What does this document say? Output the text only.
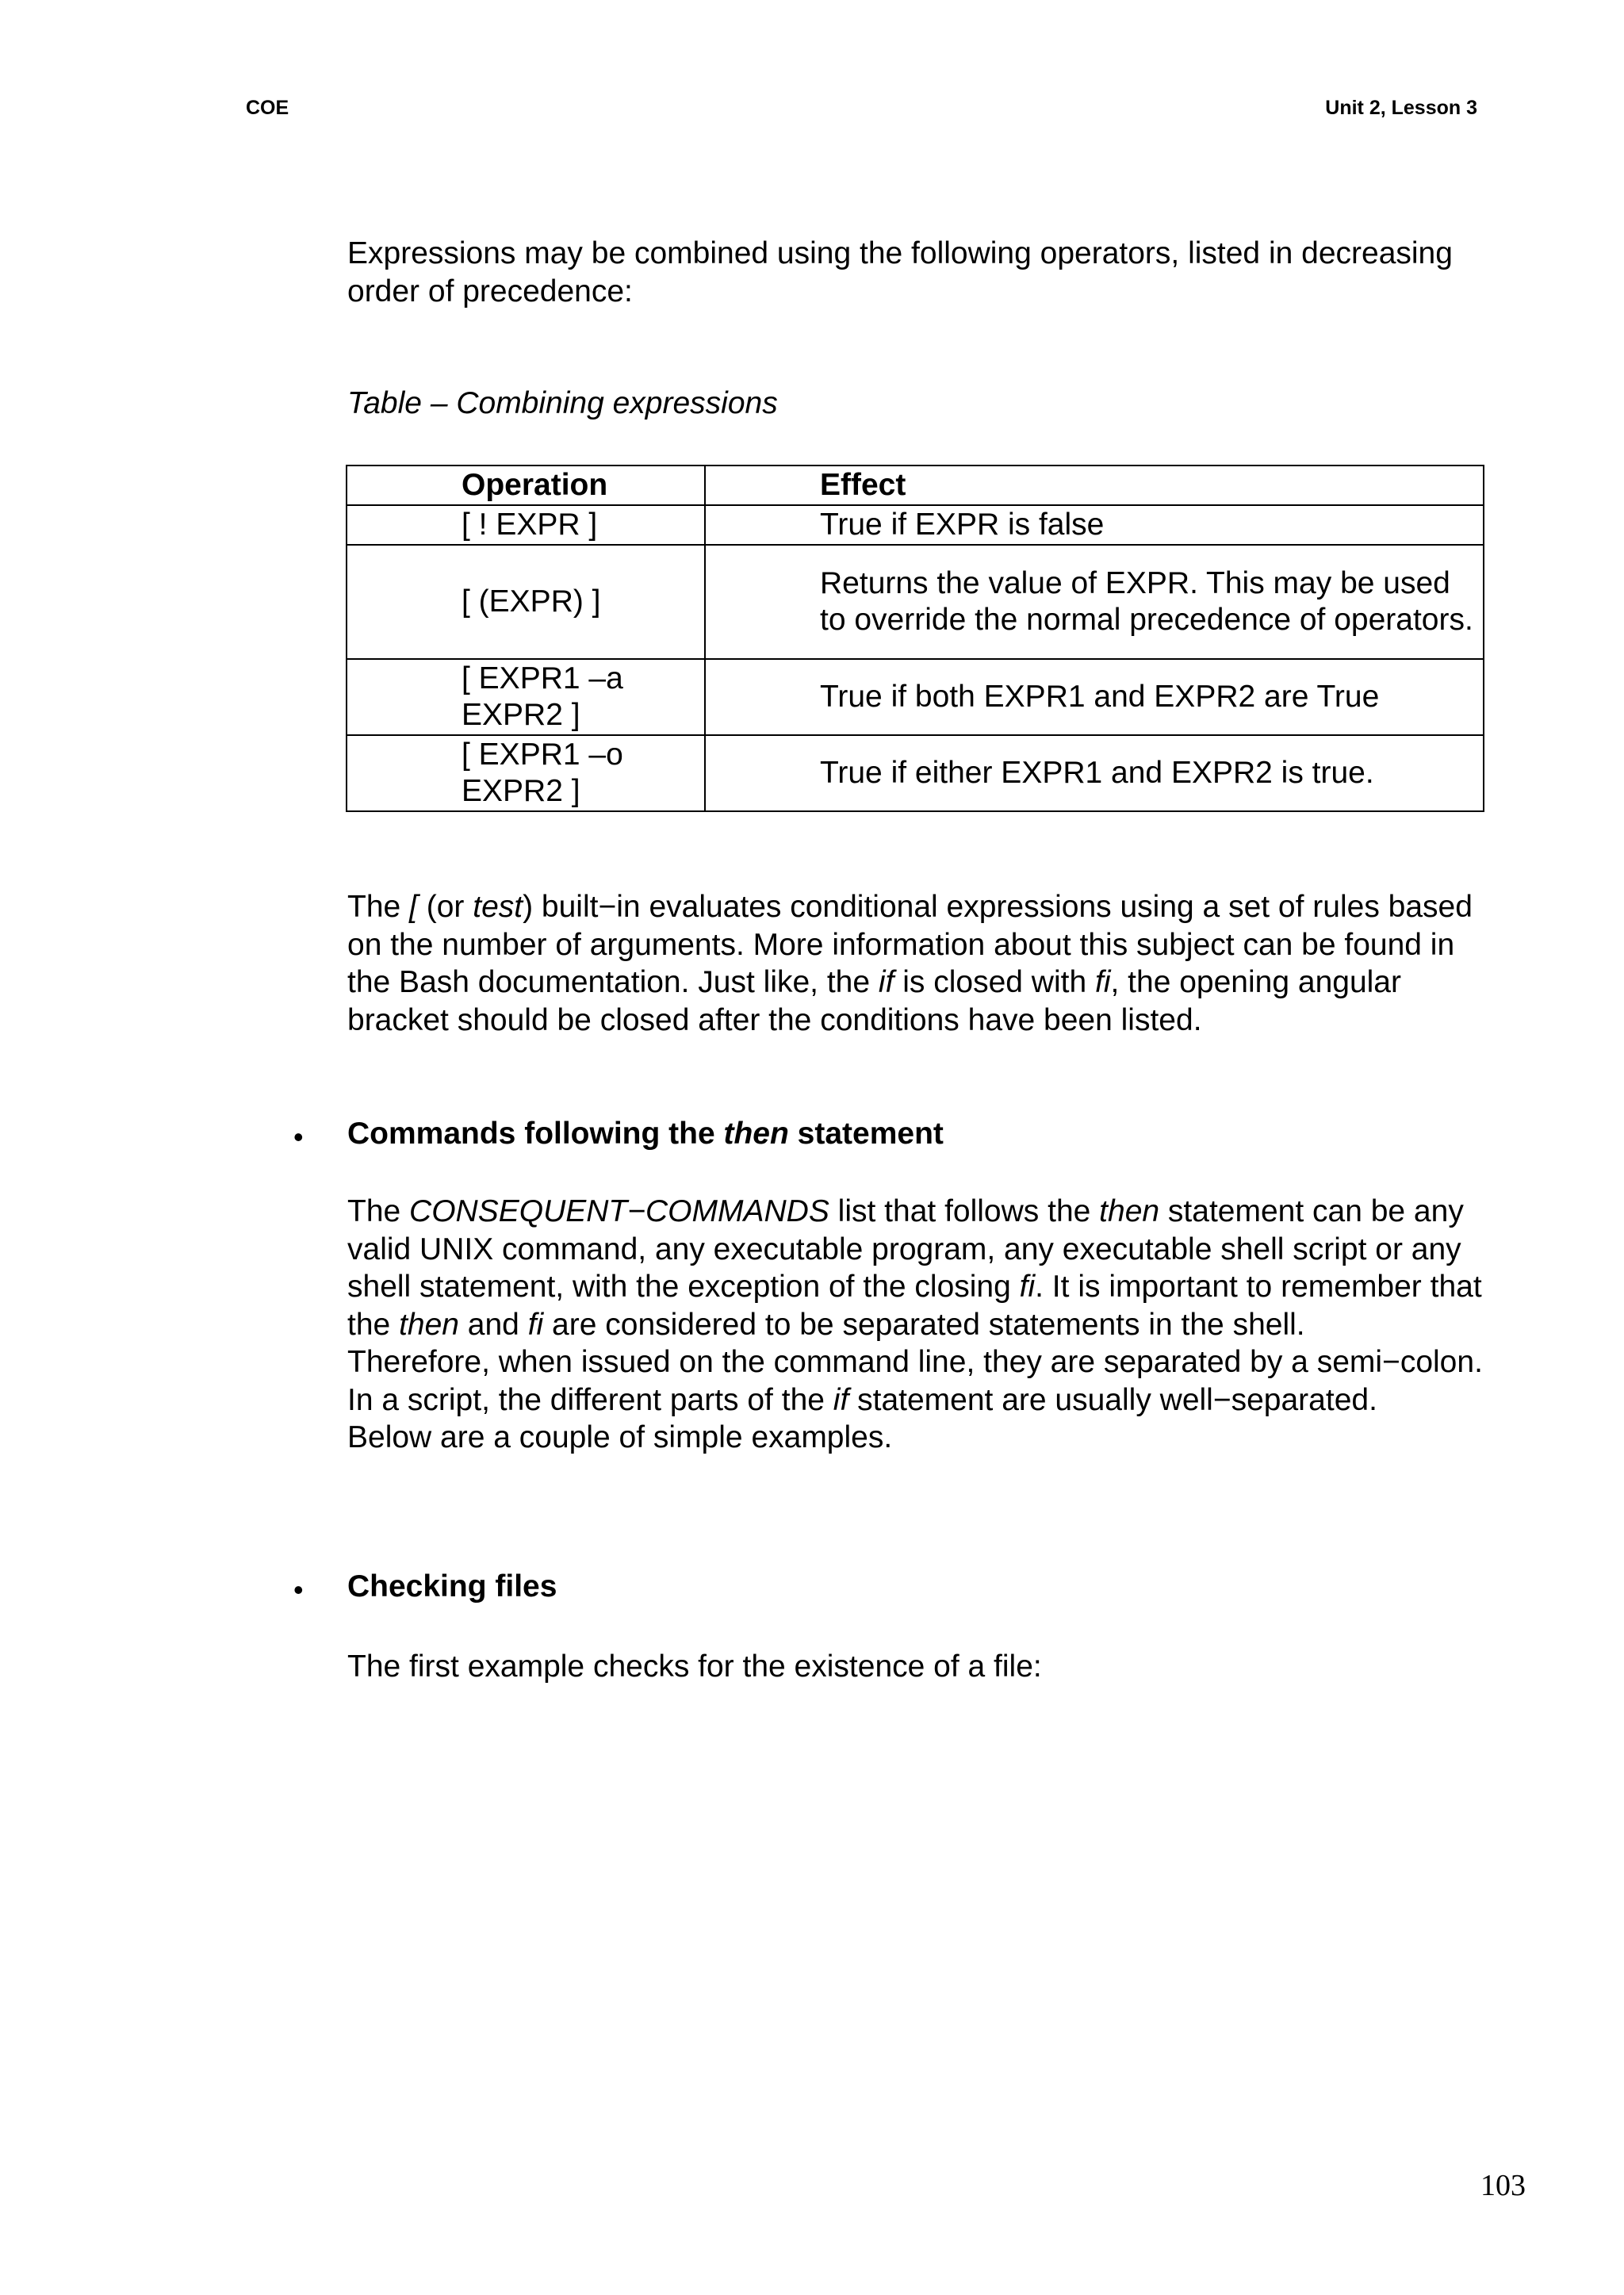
COE	Unit 2, Lesson 3

Expressions may be combined using the following operators, listed in decreasing order of precedence:

Table – Combining expressions

Operation	Effect
[ ! EXPR ]	True if EXPR is false
[ (EXPR) ]	Returns the value of EXPR. This may be used to override the normal precedence of operators.
[ EXPR1 –a EXPR2 ]	True if both EXPR1 and EXPR2 are True
[ EXPR1 –o EXPR2 ]	True if either EXPR1 and EXPR2 is true.

The [ (or test) built−in evaluates conditional expressions using a set of rules based on the number of arguments. More information about this subject can be found in the Bash documentation. Just like, the if is closed with fi, the opening angular bracket should be closed after the conditions have been listed.

• Commands following the then statement

The CONSEQUENT−COMMANDS list that follows the then statement can be any valid UNIX command, any executable program, any executable shell script or any shell statement, with the exception of the closing fi. It is important to remember that the then and fi are considered to be separated statements in the shell.
Therefore, when issued on the command line, they are separated by a semi−colon.
In a script, the different parts of the if statement are usually well−separated.
Below are a couple of simple examples.
• Checking files

The first example checks for the existence of a file:

103
